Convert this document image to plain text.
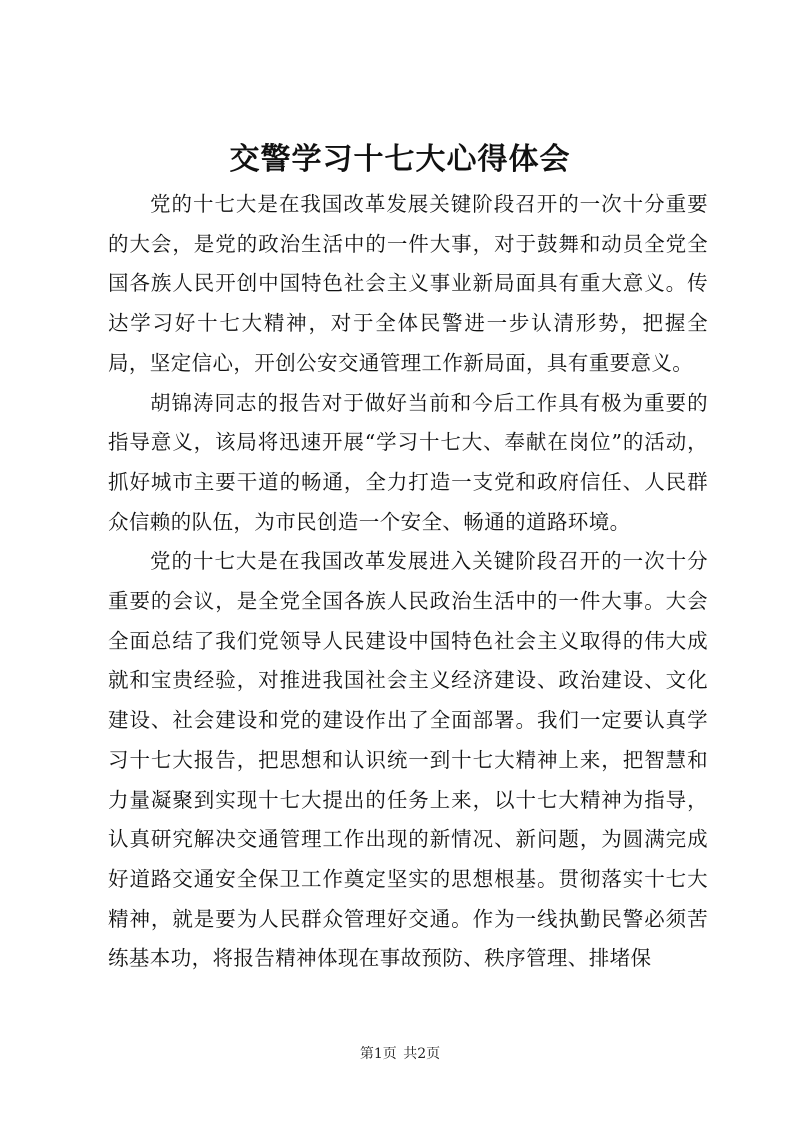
交警学习十七大心得体会

党的十七大是在我国改革发展关键阶段召开的一次十分重要的大会，是党的政治生活中的一件大事，对于鼓舞和动员全党全国各族人民开创中国特色社会主义事业新局面具有重大意义。传达学习好十七大精神，对于全体民警进一步认清形势，把握全局，坚定信心，开创公安交通管理工作新局面，具有重要意义。

胡锦涛同志的报告对于做好当前和今后工作具有极为重要的指导意义，该局将迅速开展“学习十七大、奉献在岗位”的活动，抓好城市主要干道的畅通，全力打造一支党和政府信任、人民群众信赖的队伍，为市民创造一个安全、畅通的道路环境。

党的十七大是在我国改革发展进入关键阶段召开的一次十分重要的会议，是全党全国各族人民政治生活中的一件大事。大会全面总结了我们党领导人民建设中国特色社会主义取得的伟大成就和宝贵经验，对推进我国社会主义经济建设、政治建设、文化建设、社会建设和党的建设作出了全面部署。我们一定要认真学习十七大报告，把思想和认识统一到十七大精神上来，把智慧和力量凝聚到实现十七大提出的任务上来，以十七大精神为指导，认真研究解决交通管理工作出现的新情况、新问题，为圆满完成好道路交通安全保卫工作奠定坚实的思想根基。贯彻落实十七大精神，就是要为人民群众管理好交通。作为一线执勤民警必须苦练基本功，将报告精神体现在事故预防、秩序管理、排堵保

第1页 共2页
